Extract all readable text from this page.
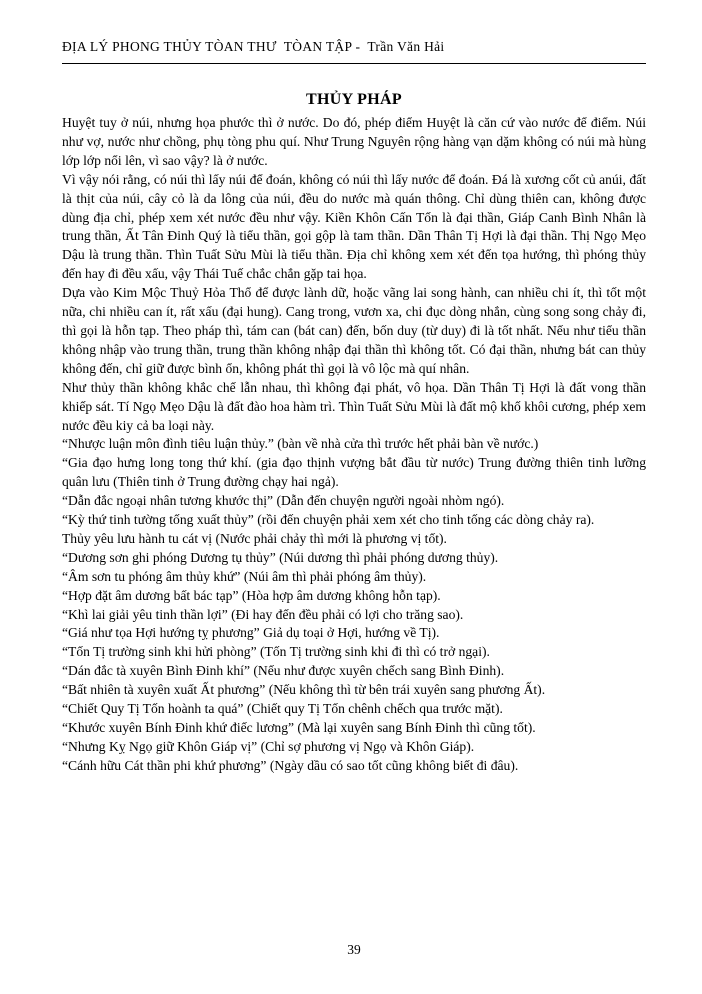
ĐỊA LÝ PHONG THỦY TÒAN THƯ  TÒAN TẬP -  Trần Văn Hải
THỦY PHÁP

Huyệt tuy ở núi, nhưng họa phước thì ở nước. Do đó, phép điểm Huyệt là căn cứ vào nước để điểm. Núi như vợ, nước như chồng, phụ tòng phu quí. Như Trung Nguyên rộng hàng vạn dặm không có núi mà hùng lớp lớp nổi lên, vì sao vậy? là ở nước.

Vì vậy nói rằng, có núi thì lấy núi để đoán, không có núi thì lấy nước để đoán. Đá là xương cốt củ anúi, đất là thịt của núi, cây cỏ là da lông của núi, đều do nước mà quán thông. Chỉ dùng thiên can, không được dùng địa chỉ, phép xem xét nước đều như vậy. Kiền Khôn Cấn Tốn là đại thần, Giáp Canh Bình Nhân là trung thần, Ất Tân Đinh Quý là tiểu thần, gọi gộp là tam thần. Dần Thân Tị Hợi là đại thần. Thị Ngọ Mẹo Dậu là trung thần. Thìn Tuất Sửu Mùi là tiểu thần. Địa chỉ không xem xét đến tọa hướng, thì phóng thủy đến hay đi đều xấu, vậy Thái Tuế chắc chắn gặp tai họa.

Dựa vào Kim Mộc Thuỷ Hỏa Thổ để được lành dữ, hoặc vãng lai song hành, can nhiều chi ít, thì tốt một nữa, chi nhiều can ít, rất xấu (đại hung). Cang trong, vươn xa, chi đục dòng nhắn, cùng song song chảy đi, thì gọi là hỗn tạp. Theo pháp thì, tám can (bát can) đến, bốn duy (từ duy) đi là tốt nhất. Nếu như tiểu thần không nhập vào trung thần, trung thần không nhập đại thần thì không tốt. Có đại thần, nhưng bát can thủy không đến, chỉ giữ được bình ổn, không phát thì gọi là vô lộc mà quí nhân.

Như thủy thần không khắc chế lẫn nhau, thì không đại phát, vô họa. Dần Thân Tị Hợi là đất vong thần khiếp sát. Tí Ngọ Mẹo Dậu là đất đào hoa hàm trì. Thìn Tuất Sửu Mùi là đất mộ khố khôi cương, phép xem nước đều kiy cả ba loại này.

“Nhược luận môn đình tiêu luận thủy.” (bàn về nhà cửa thì trước hết phải bàn về nước.)

“Gia đạo hưng long tong thứ khí. (gia đạo thịnh vượng bắt đầu từ nước) Trung đường thiên tinh lưỡng quân lưu (Thiên tinh ở Trung đường chạy hai ngả).

“Dẫn đắc ngoại nhân tương khước thị” (Dẫn đến chuyện người ngoài nhòm ngó).

“Kỳ thứ tinh tường tống xuất thủy” (rồi đến chuyện phải xem xét cho tinh tống các dòng chảy ra).

Thủy yêu lưu hành tu cát vị (Nước phải chảy thì mới là phương vị tốt).

“Dương sơn ghi phóng Dương tụ thủy” (Núi dương thì phải phóng dương thủy).

“Âm sơn tu phóng âm thủy khứ” (Núi âm thì phải phóng âm thủy).

“Hợp đặt âm dương bất bác tạp” (Hòa hợp âm dương không hỗn tạp).

“Khì lai giải yêu tinh thần lợi” (Đi hay đến đều phải có lợi cho trăng sao).

“Giá như tọa Hợi hướng tỵ phương” Giả dụ toại ở Hợi, hướng về Tị).

“Tốn Tị trường sinh khi hửi phòng” (Tốn Tị trường sinh khi đi thì có trở ngại).

“Dán đắc tà xuyên Bình Đinh khí” (Nếu như được xuyên chếch sang Bình Đinh).

“Bất nhiên tà xuyên xuất Ất phương” (Nếu không thì từ bên trái xuyên sang phương Ất).

“Chiết Quy Tị Tốn hoành ta quá” (Chiết quy Tị Tốn chênh chếch qua trước mặt).

“Khước xuyên Bính Đinh khứ điếc lương” (Mà lại xuyên sang Bính Đinh thì cũng tốt).

“Nhưng Kỵ Ngọ giữ Khôn Giáp vị” (Chỉ sợ phương vị Ngọ và Khôn Giáp).

“Cánh hữu Cát thần phi khứ phương” (Ngày dầu có sao tốt cũng không biết đi đâu).

39
